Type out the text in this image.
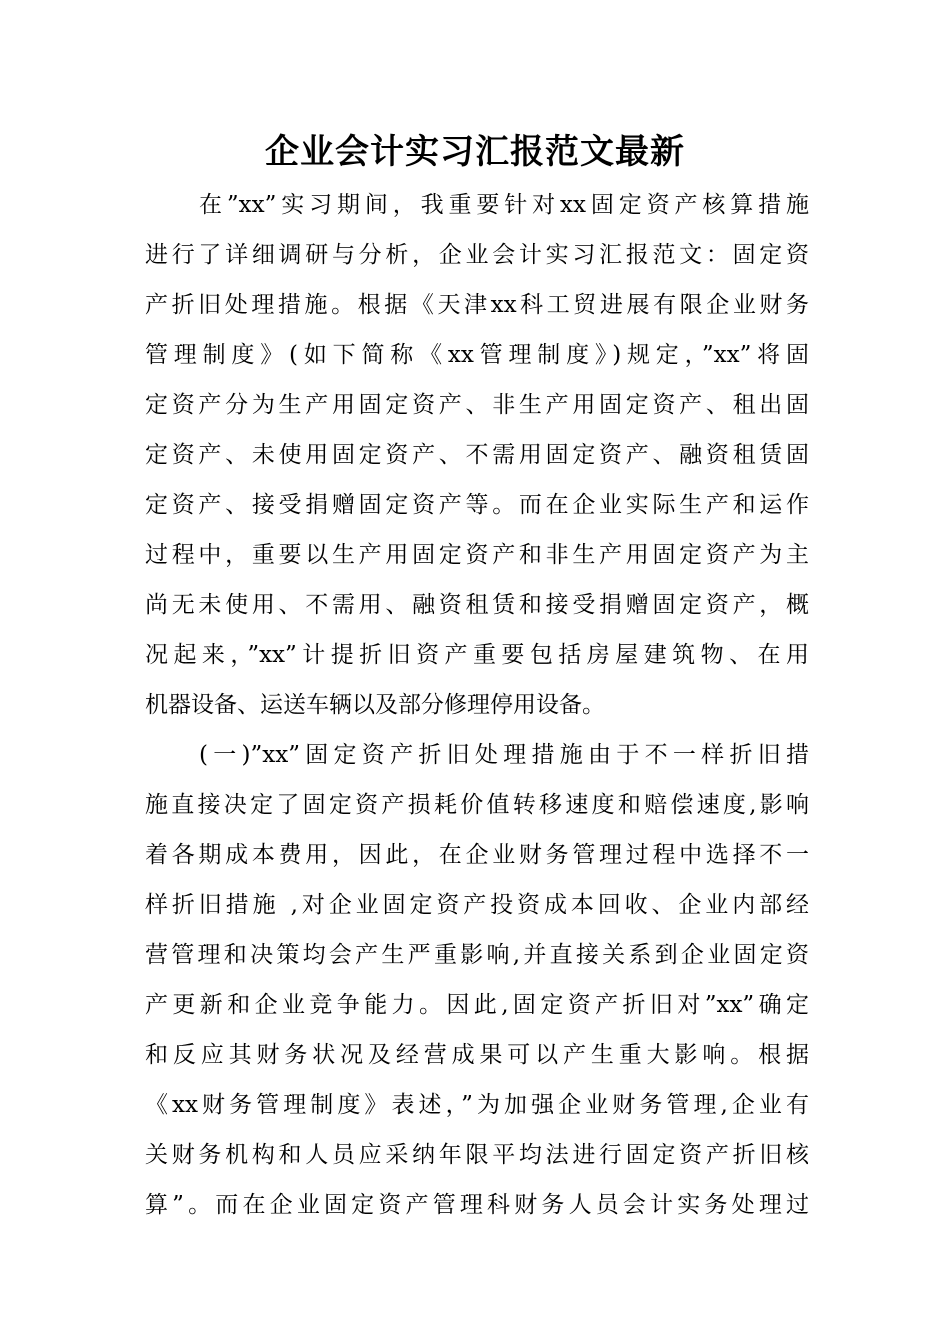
企业会计实习汇报范文最新
在”xx”实习期间，我重要针对xx固定资产核算措施
进行了详细调研与分析，企业会计实习汇报范文：固定资
产折旧处理措施。根据《天津xx科工贸进展有限企业财务
管理制度》(如下简称《xx管理制度》)规定，”xx”将固
定资产分为生产用固定资产、非生产用固定资产、租出固
定资产、未使用固定资产、不需用固定资产、融资租赁固
定资产、接受捐赠固定资产等。而在企业实际生产和运作
过程中，重要以生产用固定资产和非生产用固定资产为主
尚无未使用、不需用、融资租赁和接受捐赠固定资产，概
况起来，”xx”计提折旧资产重要包括房屋建筑物、在用
机器设备、运送车辆以及部分修理停用设备。
(一)”xx”固定资产折旧处理措施由于不一样折旧措
施直接决定了固定资产损耗价值转移速度和赔偿速度,影响
着各期成本费用，因此，在企业财务管理过程中选择不一
样折旧措施 ,对企业固定资产投资成本回收、企业内部经
营管理和决策均会产生严重影响,并直接关系到企业固定资
产更新和企业竞争能力。因此,固定资产折旧对”xx”确定
和反应其财务状况及经营成果可以产生重大影响。根据
《xx财务管理制度》表述，”为加强企业财务管理,企业有
关财务机构和人员应采纳年限平均法进行固定资产折旧核
算”。而在企业固定资产管理科财务人员会计实务处理过
